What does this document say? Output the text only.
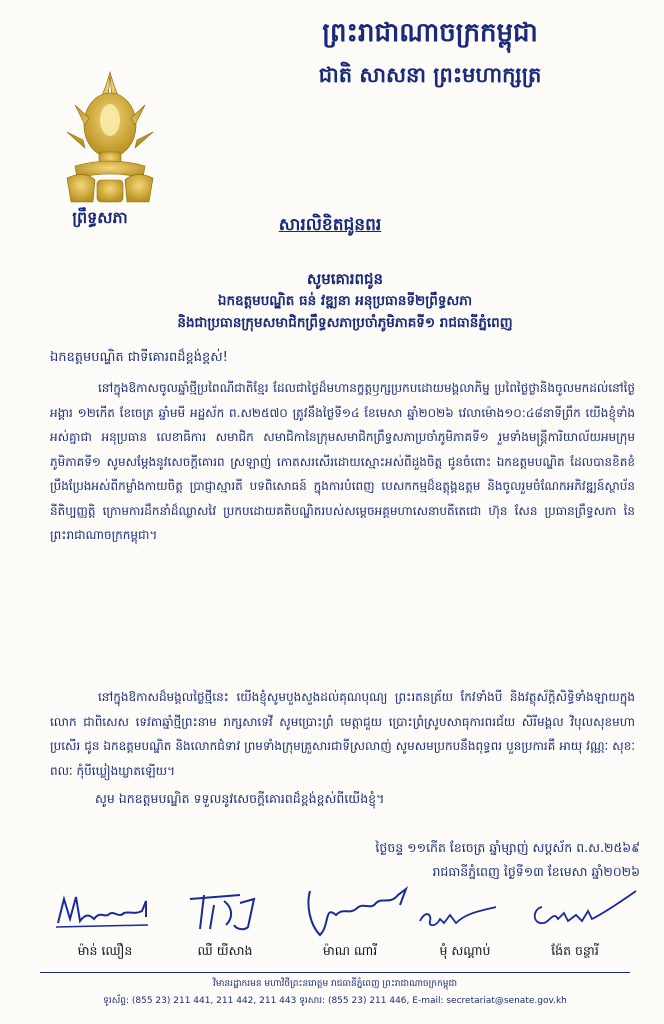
ព្រះរាជាណាចក្រកម្ពុជា
ជាតិ សាសនា ព្រះមហាក្សត្រ
ព្រឹទ្ធសភា	សារលិខិតជូនពរ
សូមគោរពជូន
ឯកឧត្តមបណ្ឌិត ធន់ វឌ្ឍនា អនុប្រធានទី២ព្រឹទ្ធសភា
និងជាប្រធានក្រុមសមាជិកព្រឹទ្ធសភាប្រចាំភូមិភាគទី១ រាជធានីភ្នំពេញ
ឯកឧត្តមបណ្ឌិត ជាទីគោរពដ៏ខ្ពង់ខ្ពស់!
នៅក្នុងឱកាសចូលឆ្នាំថ្មីប្រពៃណីជាតិខ្មែរ ដែលជាថ្ងៃដ៏មហានក្ខត្តឫក្សប្រកបដោយមង្គលាភិម្ន ប្រពៃថ្ងៃថ្លានិងចូលមកដល់នៅថ្ងៃអង្គារ ១២កើត ខែចេត្រ ឆ្នាំមមី អដ្ឋស័ក ព.ស២៥៧០ ត្រូវនឹងថ្ងៃទី១៤ ខែមេសា ឆ្នាំ២០២៦ វេលាម៉ោង១០:៤៨នាទីព្រឹក យើងខ្ញុំទាំងអស់គ្នាជា អនុប្រធាន លេខាធិការ សមាជិក សមាជិកានៃក្រុមសមាជិកព្រឹទ្ធសភាប្រចាំភូមិភាគទី១ រួមទាំងមន្ត្រីការិយាល័យអមក្រុម ភូមិភាគទី១ សូមសម្តែងនូវសេចក្តីគោរព ស្រឡាញ់ កោតសរសើរដោយស្មោះអស់ពីដួងចិត្ត ជូនចំពោះ ឯកឧត្តមបណ្ឌិត ដែលបានខិតខំប្រឹងប្រែងអស់ពីកម្លាំងកាយចិត្ត ប្រាជ្ញាស្មារតី បទពិសោធន៍ ក្នុងការបំពេញ បេសកកម្មដ៏ឧត្តុង្គឧត្តម និងចូលរួមចំណែកអភិវឌ្ឍន៍ស្ថាប័ននីតិប្បញ្ញត្តិ ក្រោមការដឹកនាំដ៏ឈ្លាសវៃ ប្រកបដោយគតិបណ្ឌិតរបស់សម្តេចអគ្គមហាសេនាបតីតេជោ ហ៊ុន សែន ប្រធានព្រឹទ្ធសភា នៃព្រះរាជាណាចក្រកម្ពុជា។
នៅក្នុងឱកាសដ៏មង្គលថ្ងៃថ្មីនេះ យើងខ្ញុំសូមបួងសួងដល់គុណបុណ្យ ព្រះរតនត្រ័យ កែវទាំងបី និងវត្ថុស័ក្តិសិទ្ធិទាំងឡាយក្នុងលោក ជាពិសេស ទេវតាឆ្នាំថ្មីព្រះនាម រាក្សសាទេវី សូមប្រោះព្រំ មេត្តាជួយ ប្រោះព្រំស្រូបសាធុការពរជ័យ សិរីមង្គល វិបុលសុខមហាប្រសើរ ជូន ឯកឧត្តមបណ្ឌិត និងលោកជំទាវ ព្រមទាំងក្រុមគ្រួសារជាទីស្រលាញ់ សូមសមប្រកបនឹងពុទ្ធពរ បួនប្រការគឺ អាយុ វណ្ណៈ សុខៈ ពលៈ កុំបីឃ្លៀងឃ្លាតឡើយ។
សូម ឯកឧត្តមបណ្ឌិត ទទួលនូវសេចក្តីគោរពដ៏ខ្ពង់ខ្ពស់ពីយើងខ្ញុំ។
ថ្ងៃចន្ទ ១១កើត ខែចេត្រ ឆ្នាំម្សាញ់ សប្តស័ក ព.ស.២៥៦៩
រាជធានីភ្នំពេញ ថ្ងៃទី១៣ ខែមេសា ឆ្នាំ២០២៦
ម៉ាន់ ឈឿន	ឈឺ យីសាង	ម៉ាណ ណារី	មុំ សណ្តាប់	ង៉ែត ចន្ថារី
វិមានរដ្ឋាករមន មហាវិថីព្រះនរោត្តម រាជធានីភ្នំពេញ ព្រះរាជាណាចក្រកម្ពុជា
ទូរស័ព្ទ: (855 23) 211 441, 211 442, 211 443 ទូរសារ: (855 23) 211 446, E-mail: secretariat@senate.gov.kh
